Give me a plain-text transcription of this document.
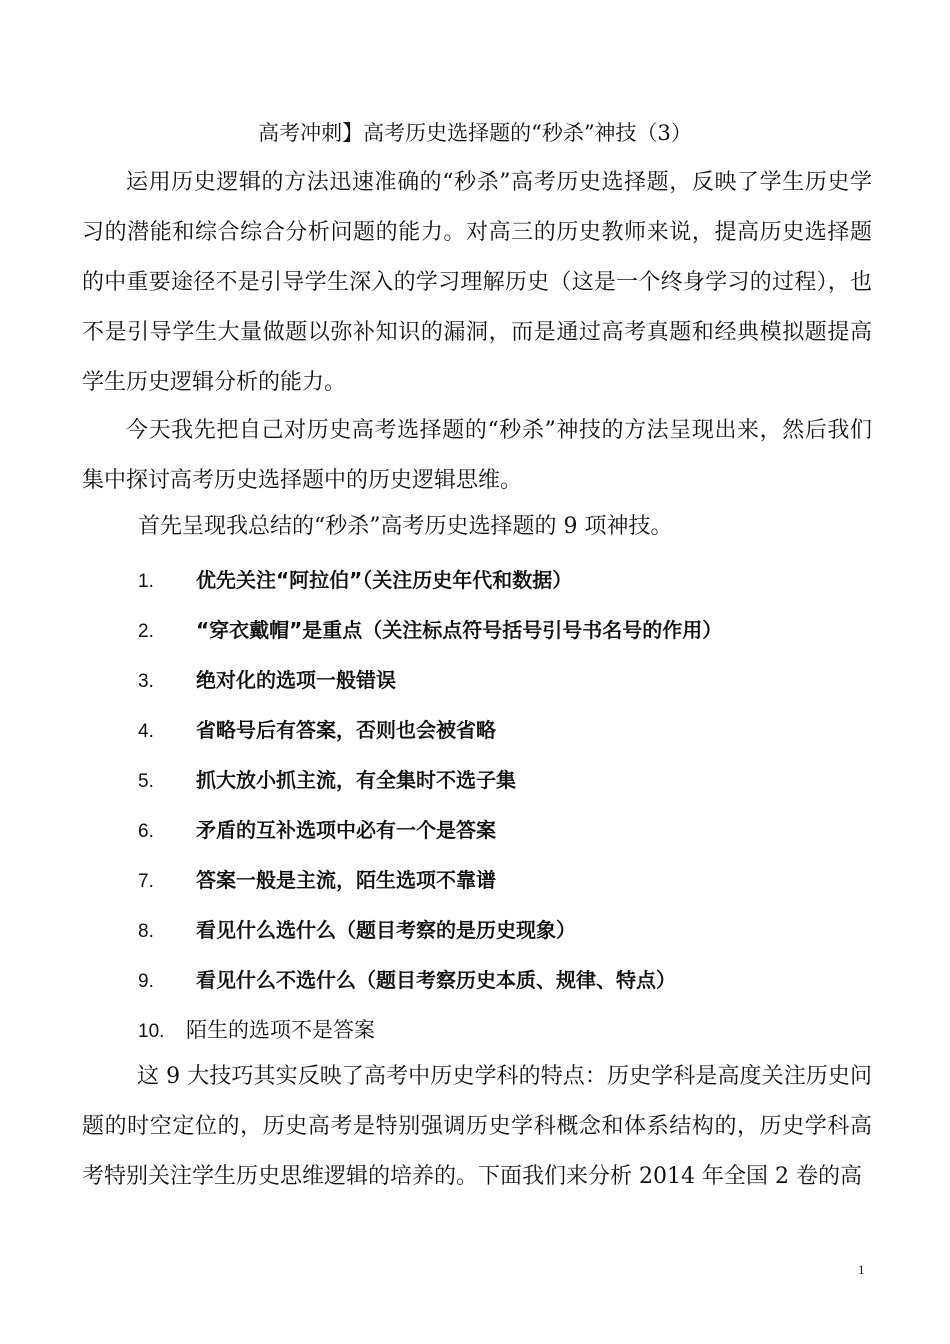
高考冲刺】高考历史选择题的“秒杀”神技（3）
运用历史逻辑的方法迅速准确的“秒杀”高考历史选择题，反映了学生历史学习的潜能和综合综合分析问题的能力。对高三的历史教师来说，提高历史选择题的中重要途径不是引导学生深入的学习理解历史（这是一个终身学习的过程），也不是引导学生大量做题以弥补知识的漏洞，而是通过高考真题和经典模拟题提高学生历史逻辑分析的能力。
今天我先把自己对历史高考选择题的“秒杀”神技的方法呈现出来，然后我们集中探讨高考历史选择题中的历史逻辑思维。
首先呈现我总结的“秒杀”高考历史选择题的 9 项神技。
1. 优先关注“阿拉伯”（关注历史年代和数据）
2. “穿衣戴帽”是重点（关注标点符号括号引号书名号的作用）
3. 绝对化的选项一般错误
4. 省略号后有答案，否则也会被省略
5. 抓大放小抓主流，有全集时不选子集
6. 矛盾的互补选项中必有一个是答案
7. 答案一般是主流，陌生选项不靠谱
8. 看见什么选什么（题目考察的是历史现象）
9. 看见什么不选什么（题目考察历史本质、规律、特点）
10. 陌生的选项不是答案
这 9 大技巧其实反映了高考中历史学科的特点：历史学科是高度关注历史问题的时空定位的，历史高考是特别强调历史学科概念和体系结构的，历史学科高考特别关注学生历史思维逻辑的培养的。下面我们来分析 2014 年全国 2 卷的高
1
